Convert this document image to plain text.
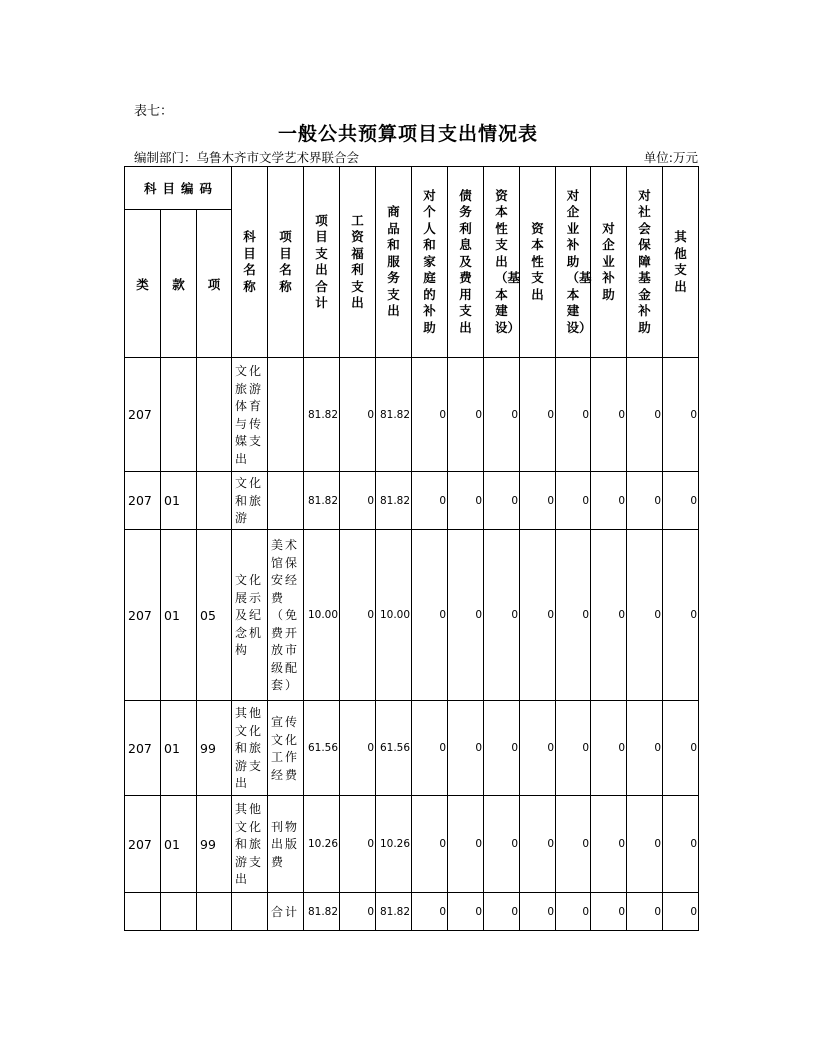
表七：
一般公共预算项目支出情况表
编制部门：乌鲁木齐市文学艺术界联合会	单位:万元
科目编码			科目名称	项目名称	项目支出合计	工资福利支出	商品和服务支出	对个人和家庭的补助	债务利息及费用支出	资本性支出（基本建设）	资本性支出	对企业补助（基本建设）	对企业补助	对社会保障基金补助	其他支出
类	款	项													
207			文化旅游体育与传媒支出		81.82	0	81.82	0	0	0	0	0	0	0	0
207	01		文化和旅游		81.82	0	81.82	0	0	0	0	0	0	0	0
207	01	05	文化展示及纪念机构	美术馆保安经费（免费开放市级配套）	10.00	0	10.00	0	0	0	0	0	0	0	0
207	01	99	其他文化和旅游支出	宣传文化工作经费	61.56	0	61.56	0	0	0	0	0	0	0	0
207	01	99	其他文化和旅游支出	刊物出版费	10.26	0	10.26	0	0	0	0	0	0	0	0

				合计	81.82	0	81.82	0	0	0	0	0	0	0	0
